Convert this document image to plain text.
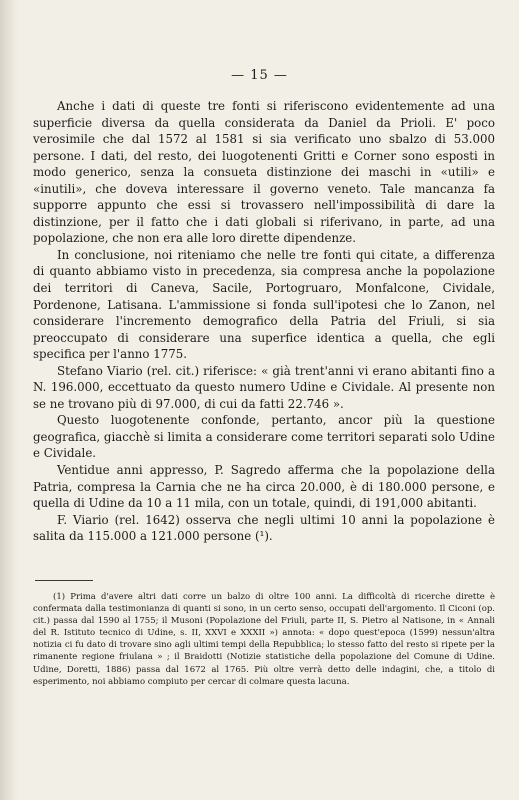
— 15 —

Anche i dati di queste tre fonti si riferiscono evidentemente ad una superficie diversa da quella considerata da Daniel da Prioli. E' poco verosimile che dal 1572 al 1581 si sia verificato uno sbalzo di 53.000 persone. I dati, del resto, dei luogotenenti Gritti e Corner sono esposti in modo generico, senza la consueta distinzione dei maschi in «utili» e «inutili», che doveva interessare il governo veneto. Tale mancanza fa supporre appunto che essi si trovassero nell'impossibilità di dare la distinzione, per il fatto che i dati globali si riferivano, in parte, ad una popolazione, che non era alle loro dirette dipendenze.

In conclusione, noi riteniamo che nelle tre fonti qui citate, a differenza di quanto abbiamo visto in precedenza, sia compresa anche la popolazione dei territori di Caneva, Sacile, Portogruaro, Monfalcone, Cividale, Pordenone, Latisana. L'ammissione si fonda sull'ipotesi che lo Zanon, nel considerare l'incremento demografico della Patria del Friuli, si sia preoccupato di considerare una superfice identica a quella, che egli specifica per l'anno 1775.

Stefano Viario (rel. cit.) riferisce: « già trent'anni vi erano abitanti fino a N. 196.000, eccettuato da questo numero Udine e Cividale. Al presente non se ne trovano più di 97.000, di cui da fatti 22.746 ».

Questo luogotenente confonde, pertanto, ancor più la questione geografica, giacchè si limita a considerare come territori separati solo Udine e Cividale.

Ventidue anni appresso, P. Sagredo afferma che la popolazione della Patria, compresa la Carnia che ne ha circa 20.000, è di 180.000 persone, e quella di Udine da 10 a 11 mila, con un totale, quindi, di 191,000 abitanti.

F. Viario (rel. 1642) osserva che negli ultimi 10 anni la popolazione è salita da 115.000 a 121.000 persone (¹).

(1) Prima d'avere altri dati corre un balzo di oltre 100 anni. La difficoltà di ricerche dirette è confermata dalla testimonianza di quanti si sono, in un certo senso, occupati dell'argomento. Il Ciconi (op. cit.) passa dal 1590 al 1755; il Musoni (Popolazione del Friuli, parte II, S. Pietro al Natisone, in « Annali del R. Istituto tecnico di Udine, s. II, XXVI e XXXII ») annota: « dopo quest'epoca (1599) nessun'altra notizia ci fu dato di trovare sino agli ultimi tempi della Repubblica; lo stesso fatto del resto si ripete per la rimanente regione friulana » ; il Braidotti (Notizie statistiche della popolazione del Comune di Udine. Udine, Doretti, 1886) passa dal 1672 al 1765. Più oltre verrà detto delle indagini, che, a titolo di esperimento, noi abbiamo compiuto per cercar di colmare questa lacuna.
